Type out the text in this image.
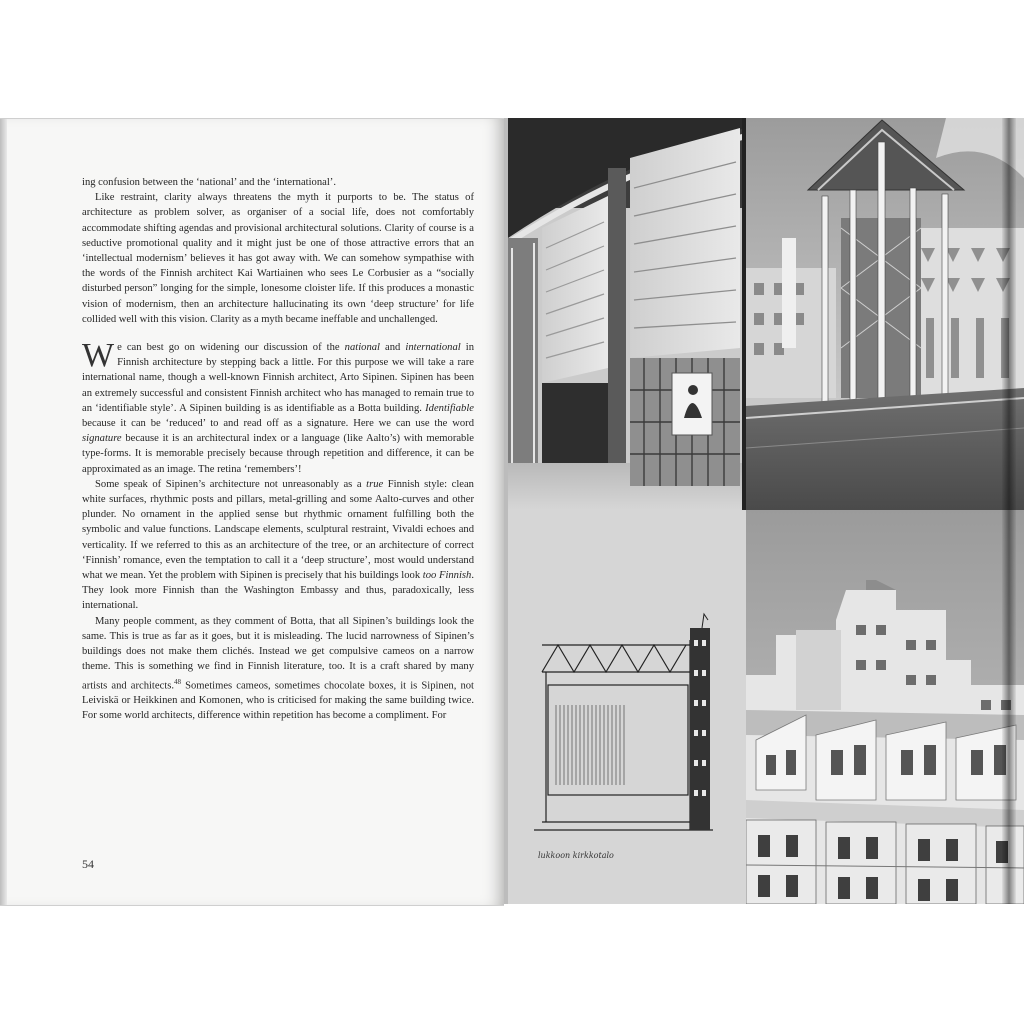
ing confusion between the ‘national’ and the ‘international’.

Like restraint, clarity always threatens the myth it purports to be. The status of architecture as problem solver, as organiser of a social life, does not comfortably accommodate shifting agendas and provisional architectural solutions. Clarity of course is a seductive promotional quality and it might just be one of those attractive errors that an ‘intellectual modernism’ believes it has got away with. We can somehow sympathise with the words of the Finnish architect Kai Wartiainen who sees Le Corbusier as a “socially disturbed person” longing for the simple, lonesome cloister life. If this produces a monastic vision of modernism, then an architecture hallucinating its own ‘deep structure’ for life collided well with this vision. Clarity as a myth became ineffable and unchallenged.

W e can best go on widening our discussion of the national and international in Finnish architecture by stepping back a little. For this purpose we will take a rare international name, though a well-known Finnish architect, Arto Sipinen. Sipinen has been an extremely successful and consistent Finnish architect who has managed to remain true to an ‘identifiable style’. A Sipinen building is as identifiable as a Botta building. Identifiable because it can be ‘reduced’ to and read off as a signature. Here we can use the word signature because it is an architectural index or a language (like Aalto’s) with memorable type-forms. It is memorable precisely because through repetition and difference, it can be approximated as an image. The retina ‘remembers’!

Some speak of Sipinen’s architecture not unreasonably as a true Finnish style: clean white surfaces, rhythmic posts and pillars, metal-grilling and some Aalto-curves and other plunder. No ornament in the applied sense but rhythmic ornament fulfilling both the symbolic and value functions. Landscape elements, sculptural restraint, Vivaldi echoes and verticality. If we referred to this as an architecture of the tree, or an architecture of correct ‘Finnish’ romance, even the temptation to call it a ‘deep structure’, most would understand what we mean. Yet the problem with Sipinen is precisely that his buildings look too Finnish. They look more Finnish than the Washington Embassy and thus, paradoxically, less international.

Many people comment, as they comment of Botta, that all Sipinen’s buildings look the same. This is true as far as it goes, but it is misleading. The lucid narrowness of Sipinen’s buildings does not make them clichés. Instead we get compulsive cameos on a narrow theme. This is something we find in Finnish literature, too. It is a craft shared by many artists and architects.$^{48}$ Sometimes cameos, sometimes chocolate boxes, it is Sipinen, not Leiviskä or Heikkinen and Komonen, who is criticised for making the same building twice. For some world architects, difference within repetition has become a compliment. For

54
lukkoon kirkkotalo
